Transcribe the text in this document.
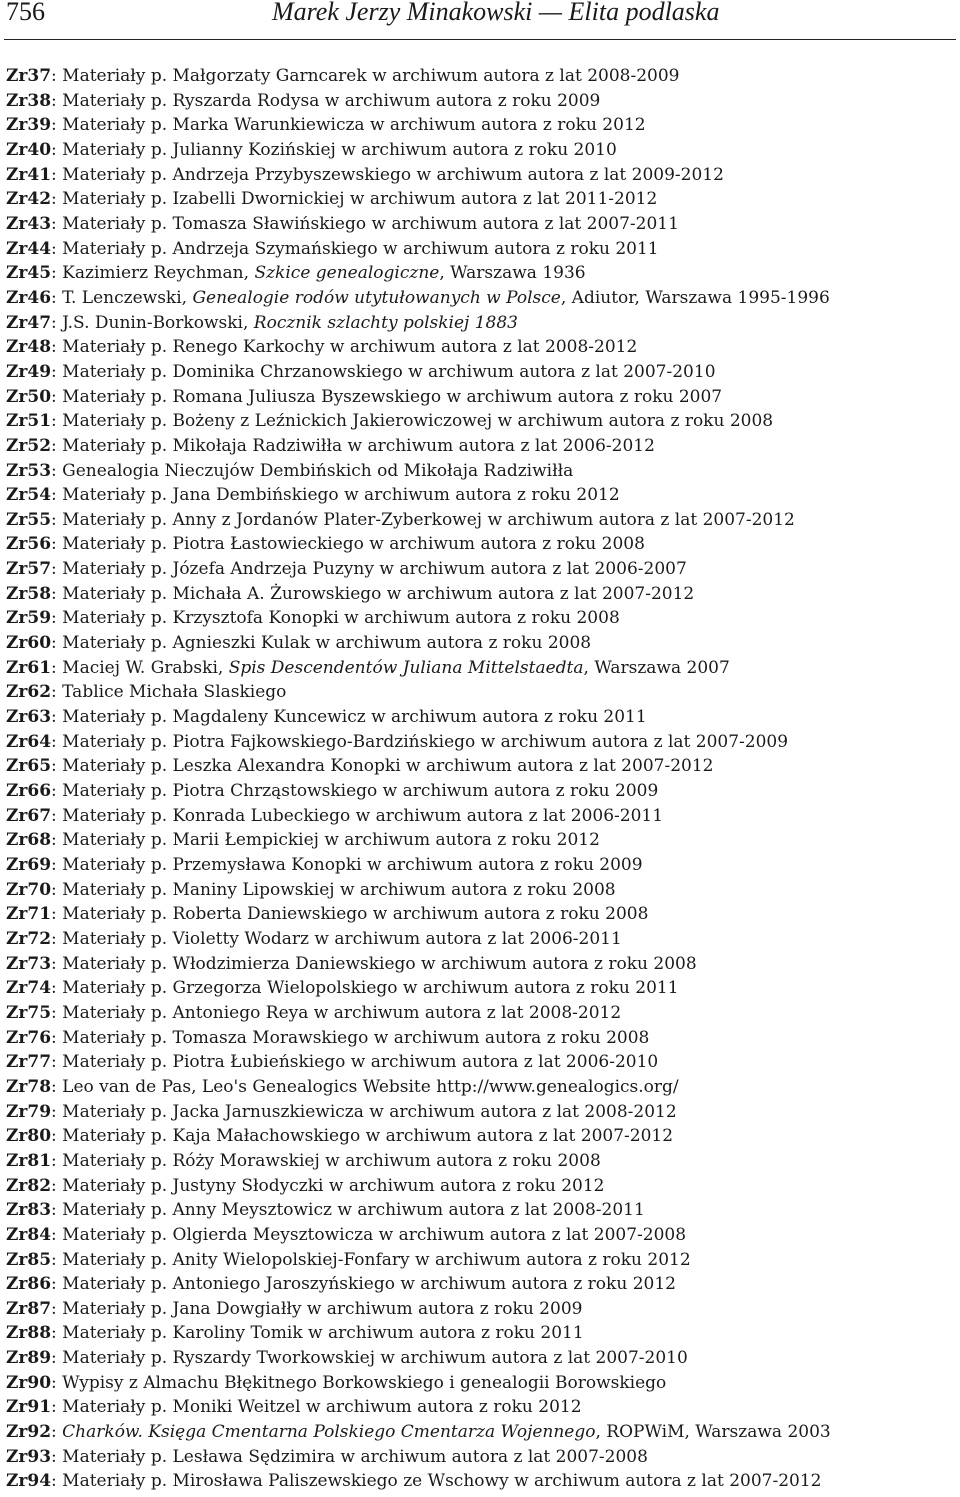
756	Marek Jerzy Minakowski — Elita podlaska
Zr37: Materiały p. Małgorzaty Garncarek w archiwum autora z lat 2008-2009
Zr38: Materiały p. Ryszarda Rodysa w archiwum autora z roku 2009
Zr39: Materiały p. Marka Warunkiewicza w archiwum autora z roku 2012
Zr40: Materiały p. Julianny Kozińskiej w archiwum autora z roku 2010
Zr41: Materiały p. Andrzeja Przybyszewskiego w archiwum autora z lat 2009-2012
Zr42: Materiały p. Izabelli Dwornickiej w archiwum autora z lat 2011-2012
Zr43: Materiały p. Tomasza Sławińskiego w archiwum autora z lat 2007-2011
Zr44: Materiały p. Andrzeja Szymańskiego w archiwum autora z roku 2011
Zr45: Kazimierz Reychman, Szkice genealogiczne, Warszawa 1936
Zr46: T. Lenczewski, Genealogie rodów utytułowanych w Polsce, Adiutor, Warszawa 1995-1996
Zr47: J.S. Dunin-Borkowski, Rocznik szlachty polskiej 1883
Zr48: Materiały p. Renego Karkochy w archiwum autora z lat 2008-2012
Zr49: Materiały p. Dominika Chrzanowskiego w archiwum autora z lat 2007-2010
Zr50: Materiały p. Romana Juliusza Byszewskiego w archiwum autora z roku 2007
Zr51: Materiały p. Bożeny z Leźnickich Jakierowiczowej w archiwum autora z roku 2008
Zr52: Materiały p. Mikołaja Radziwiłła w archiwum autora z lat 2006-2012
Zr53: Genealogia Nieczujów Dembińskich od Mikołaja Radziwiłła
Zr54: Materiały p. Jana Dembińskiego w archiwum autora z roku 2012
Zr55: Materiały p. Anny z Jordanów Plater-Zyberkowej w archiwum autora z lat 2007-2012
Zr56: Materiały p. Piotra Łastowieckiego w archiwum autora z roku 2008
Zr57: Materiały p. Józefa Andrzeja Puzyny w archiwum autora z lat 2006-2007
Zr58: Materiały p. Michała A. Żurowskiego w archiwum autora z lat 2007-2012
Zr59: Materiały p. Krzysztofa Konopki w archiwum autora z roku 2008
Zr60: Materiały p. Agnieszki Kulak w archiwum autora z roku 2008
Zr61: Maciej W. Grabski, Spis Descendentów Juliana Mittelstaedta, Warszawa 2007
Zr62: Tablice Michała Slaskiego
Zr63: Materiały p. Magdaleny Kuncewicz w archiwum autora z roku 2011
Zr64: Materiały p. Piotra Fajkowskiego-Bardzińskiego w archiwum autora z lat 2007-2009
Zr65: Materiały p. Leszka Alexandra Konopki w archiwum autora z lat 2007-2012
Zr66: Materiały p. Piotra Chrząstowskiego w archiwum autora z roku 2009
Zr67: Materiały p. Konrada Lubeckiego w archiwum autora z lat 2006-2011
Zr68: Materiały p. Marii Łempickiej w archiwum autora z roku 2012
Zr69: Materiały p. Przemysława Konopki w archiwum autora z roku 2009
Zr70: Materiały p. Maniny Lipowskiej w archiwum autora z roku 2008
Zr71: Materiały p. Roberta Daniewskiego w archiwum autora z roku 2008
Zr72: Materiały p. Violetty Wodarz w archiwum autora z lat 2006-2011
Zr73: Materiały p. Włodzimierza Daniewskiego w archiwum autora z roku 2008
Zr74: Materiały p. Grzegorza Wielopolskiego w archiwum autora z roku 2011
Zr75: Materiały p. Antoniego Reya w archiwum autora z lat 2008-2012
Zr76: Materiały p. Tomasza Morawskiego w archiwum autora z roku 2008
Zr77: Materiały p. Piotra Łubieńskiego w archiwum autora z lat 2006-2010
Zr78: Leo van de Pas, Leo's Genealogics Website http://www.genealogics.org/
Zr79: Materiały p. Jacka Jarnuszkiewicza w archiwum autora z lat 2008-2012
Zr80: Materiały p. Kaja Małachowskiego w archiwum autora z lat 2007-2012
Zr81: Materiały p. Róży Morawskiej w archiwum autora z roku 2008
Zr82: Materiały p. Justyny Słodyczki w archiwum autora z roku 2012
Zr83: Materiały p. Anny Meysztowicz w archiwum autora z lat 2008-2011
Zr84: Materiały p. Olgierda Meysztowicza w archiwum autora z lat 2007-2008
Zr85: Materiały p. Anity Wielopolskiej-Fonfary w archiwum autora z roku 2012
Zr86: Materiały p. Antoniego Jaroszyńskiego w archiwum autora z roku 2012
Zr87: Materiały p. Jana Dowgiałły w archiwum autora z roku 2009
Zr88: Materiały p. Karoliny Tomik w archiwum autora z roku 2011
Zr89: Materiały p. Ryszardy Tworkowskiej w archiwum autora z lat 2007-2010
Zr90: Wypisy z Almachu Błękitnego Borkowskiego i genealogii Borowskiego
Zr91: Materiały p. Moniki Weitzel w archiwum autora z roku 2012
Zr92: Charków. Księga Cmentarna Polskiego Cmentarza Wojennego, ROPWiM, Warszawa 2003
Zr93: Materiały p. Lesława Sędzimira w archiwum autora z lat 2007-2008
Zr94: Materiały p. Mirosława Paliszewskiego ze Wschowy w archiwum autora z lat 2007-2012
